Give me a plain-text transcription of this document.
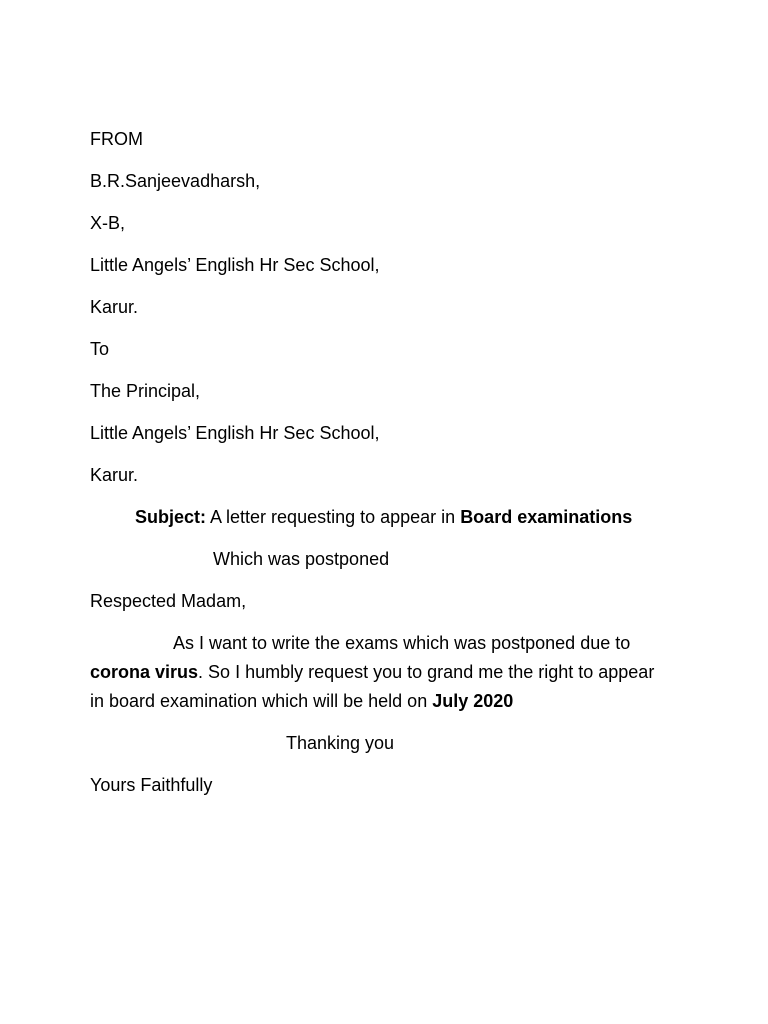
FROM
B.R.Sanjeevadharsh,
X-B,
Little Angels’ English Hr Sec School,
Karur.
To
The Principal,
Little Angels’ English Hr Sec School,
Karur.
Subject: A letter requesting to appear in Board examinations
Which was postponed
Respected Madam,
As I want to write the exams which was postponed due to
corona virus. So I humbly request you to grand me the right to appear
in board examination which will be held on July 2020
Thanking you
Yours Faithfully
